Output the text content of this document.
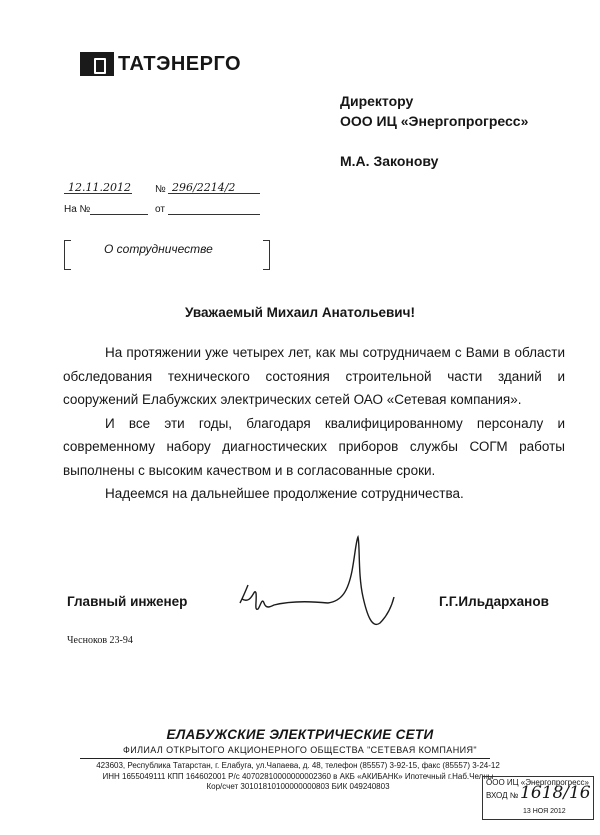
ТАТЭНЕРГО
Директору
ООО ИЦ «Энергопрогресс»
М.А. Законову
12.11.2012 № 296/2214/2
На №	от
О сотрудничестве
Уважаемый Михаил Анатольевич!

На протяжении уже четырех лет, как мы сотрудничаем с Вами в области обследования технического состояния строительной части зданий и сооружений Елабужских электрических сетей ОАО «Сетевая компания».

И все эти годы, благодаря квалифицированному персоналу и современному набору диагностических приборов службы СОГМ работы выполнены с высоким качеством и в согласованные сроки.

Надеемся на дальнейшее продолжение сотрудничества.

Главный инженер	Г.Г.Ильдарханов
Чесноков 23-94
ЕЛАБУЖСКИЕ ЭЛЕКТРИЧЕСКИЕ СЕТИ
ФИЛИАЛ ОТКРЫТОГО АКЦИОНЕРНОГО ОБЩЕСТВА "СЕТЕВАЯ КОМПАНИЯ"
423603, Республика Татарстан, г. Елабуга, ул.Чапаева, д. 48, телефон (85557) 3-92-15, факс (85557) 3-24-12
ИНН 1655049111 КПП 164602001 Р/с 40702810000000002360 в АКБ «АКИБАНК» Ипотечный г.Наб.Челны
Кор/счет 30101810100000000803 БИК 049240803	ООО ИЦ «Энергопрогресс»
ВХОД № 1618/16
13 НОЯ 2012
